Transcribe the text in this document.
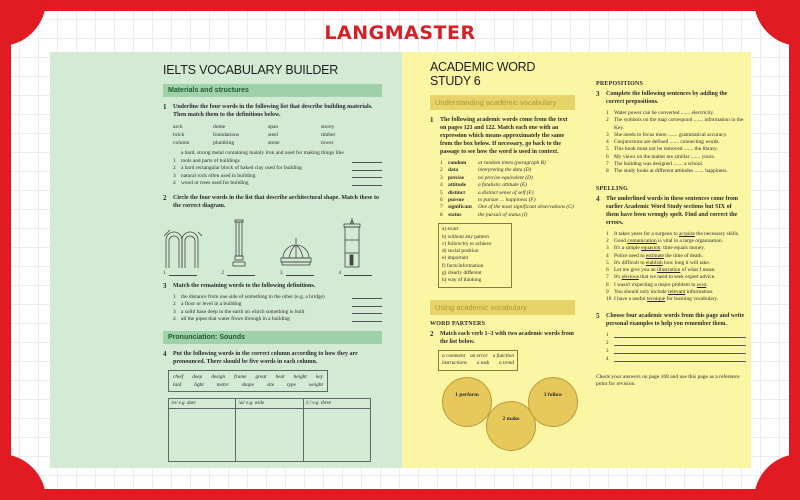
LANGMASTER
IELTS VOCABULARY BUILDER
Materials and structures
1	Underline the four words in the following list that describe building materials. Then match them to the definitions below.
arch	dome	span	storey
brick	foundations	steel	timber
column	plumbing	stone	tower
1
a hard, strong metal containing mainly iron and used for making things like tools and parts of buildings
2 a hard rectangular block of baked clay used for building
3 natural rock often used in building
4 wood or trees used for building
2	Circle the four words in the list that describe architectural shape. Match these to the correct diagram.
1	2	3	4
3	Match the remaining words to the following definitions.
1 the distance from one side of something to the other (e.g. a bridge)
2 a floor or level in a building
3 a solid base deep in the earth on which something is built
4 all the pipes that water flows through in a building
Pronunciation: Sounds
4	Put the following words in the correct column according to how they are pronounced. There should be five words in each column.
chief deep design frame great heat height key
laid light metre shape site type weight
/eɪ/ e.g. date	/aɪ/ e.g. wide	/iː/ e.g. three
ACADEMIC WORD STUDY 6
Understanding academic vocabulary
1	The following academic words come from the text on pages 121 and 122. Match each one with an expression which means approximately the same from the box below. If necessary, go back to the passage to see how the word is used in context.
1 random	at random times (paragraph B)
2 data	interpreting the data (D)
3 precise	no precise equivalent (D)
4 attitude	a fatalistic attitude (E)
5 distinct	a distinct sense of self (F)
6 pursue	to pursue … happiness (F)
7 significant	One of the most significant observations (G)
8 status	the pursuit of status (I)
a) exact
b) without any pattern
c) follow/try to achieve
d) social position
e) important
f) facts/information
g) clearly different
h) way of thinking
Using academic vocabulary
WORD PARTNERS
2	Match each verb 1–3 with two academic words from the list below.
a comment an error a function
instructions a task a trend
1 perform
2 make
3 follow
PREPOSITIONS
3	Complete the following sentences by adding the correct prepositions.
1 Water power can be converted ....... electricity.
2 The symbols on the map correspond ....... information in the Key.
3 She needs to focus more ....... grammatical accuracy.
4 Conjunctions are defined ....... connecting words.
5 This book must not be removed ....... the library.
6 My views on the matter are similar ....... yours.
7 The building was designed ....... a school.
8 The study looks at different attitudes ....... happiness.
SPELLING
4	The underlined words in these sentences come from earlier Academic Word Study sections but SIX of them have been wrongly spelt. Find and correct the errors.
1 It takes years for a surgeon to acquire the necessary skills.
2 Good comunication is vital in a large organisation.
3 It's a simple equasion: time equals money.
4 Police need to estimate the time of death.
5 It's difficult to etablish how long it will take.
6 Let me give you an illustration of what I mean.
7 It's obvious that we need to seek expert advice.
8 I wasn't expecting a major problem to ocur.
9 You should only include relevant information.
10 I have a useful tecnique for learning vocabulary.
5	Choose four academic words from this page and write personal examples to help you remember them.
1
2
3
4
Check your answers on page 168 and use this page as a reference point for revision.
